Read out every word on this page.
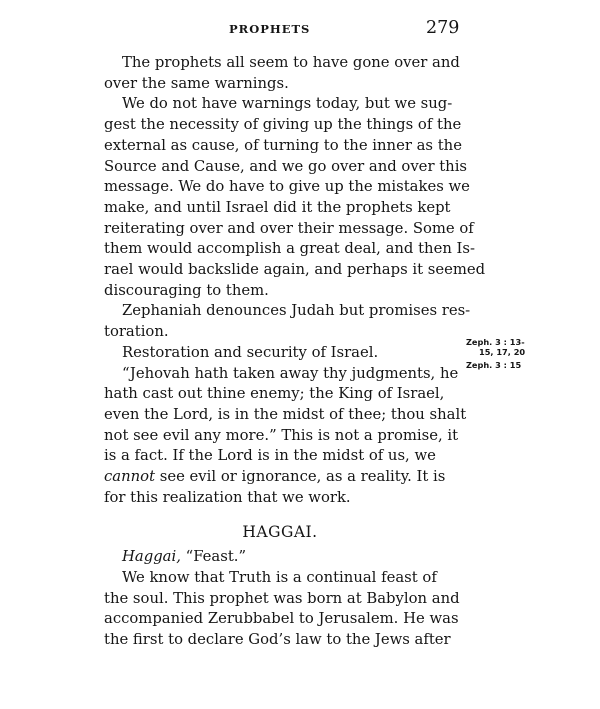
PROPHETS	279

The prophets all seem to have gone over and
over the same warnings.

We do not have warnings today, but we sug-
gest the necessity of giving up the things of the
external as cause, of turning to the inner as the
Source and Cause, and we go over and over this
message. We do have to give up the mistakes we
make, and until Israel did it the prophets kept
reiterating over and over their message. Some of
them would accomplish a great deal, and then Is-
rael would backslide again, and perhaps it seemed
discouraging to them.

Zephaniah denounces Judah but promises res-
toration.

Restoration and security of Israel.

“Jehovah hath taken away thy judgments, he
hath cast out thine enemy; the King of Israel,
even the Lord, is in the midst of thee; thou shalt
not see evil any more.” This is not a promise, it
is a fact. If the Lord is in the midst of us, we
cannot see evil or ignorance, as a reality. It is
for this realization that we work.

HAGGAI.

Haggai, “Feast.”

We know that Truth is a continual feast of
the soul. This prophet was born at Babylon and
accompanied Zerubbabel to Jerusalem. He was
the first to declare God’s law to the Jews after

Zeph. 3 : 13-
15, 17, 20
Zeph. 3 : 15
